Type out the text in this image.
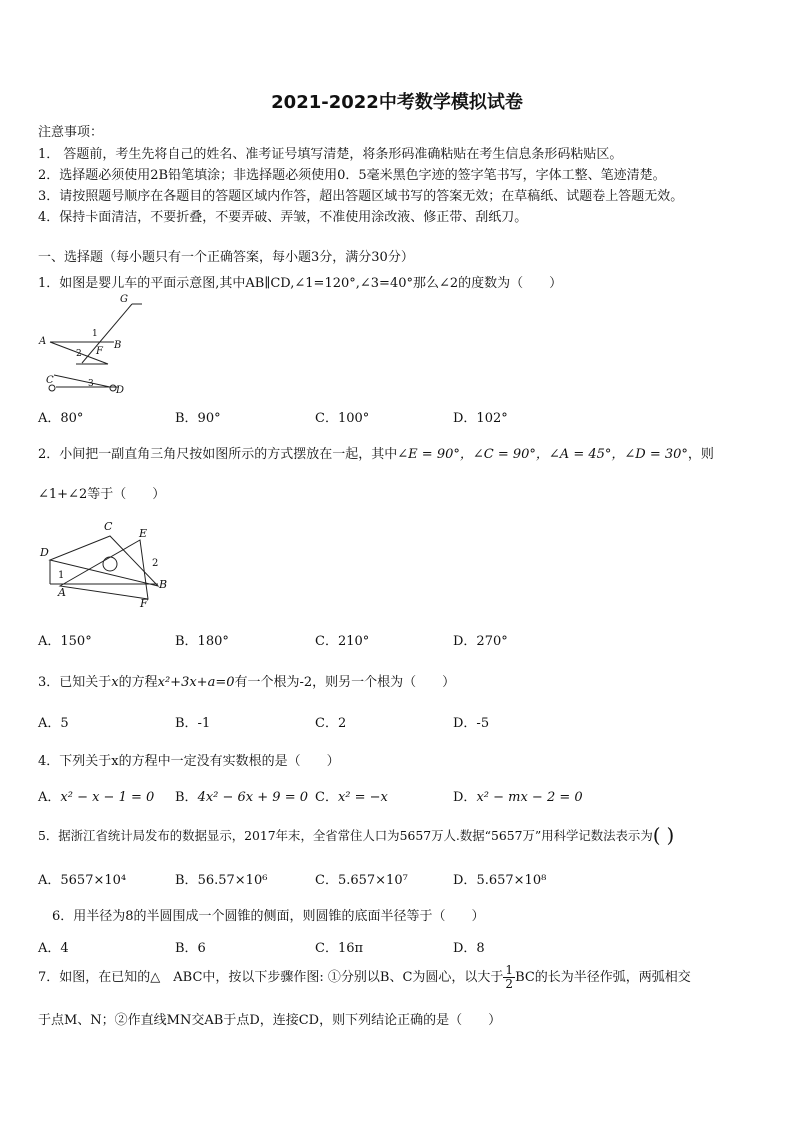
2021-2022中考数学模拟试卷
注意事项：
1． 答题前，考生先将自己的姓名、准考证号填写清楚，将条形码准确粘贴在考生信息条形码粘贴区。
2．选择题必须使用2B铅笔填涂；非选择题必须使用0．5毫米黑色字迹的签字笔书写，字体工整、笔迹清楚。
3．请按照题号顺序在各题目的答题区域内作答，超出答题区域书写的答案无效；在草稿纸、试题卷上答题无效。
4．保持卡面清洁，不要折叠，不要弄破、弄皱，不准使用涂改液、修正带、刮纸刀。
一、选择题（每小题只有一个正确答案，每小题3分，满分30分）
1．如图是婴儿车的平面示意图,其中AB∥CD,∠1=120°,∠3=40°那么∠2的度数为（　　）
G
A	B
C
D
F
1
2
3
A．80°	B．90°	C．100°	D．102°
2．小间把一副直角三角尺按如图所示的方式摆放在一起，其中∠E = 90°，∠C = 90°，∠A = 45°，∠D = 30°，则
∠1+∠2等于（　　）
C
E
D
A
B
F
1
2
A．150°	B．180°	C．210°	D．270°
3．已知关于x的方程x²+3x+a=0有一个根为-2，则另一个根为（　　）
A．5	B．-1	C．2	D．-5
4．下列关于x的方程中一定没有实数根的是（　　）
A．x² − x − 1 = 0 B．4x² − 6x + 9 = 0 C．x² = −x	D．x² − mx − 2 = 0
5．据浙江省统计局发布的数据显示，2017年末，全省常住人口为5657万人.数据“5657万”用科学记数法表示为( )
A．5657×10⁴	B．56.57×10⁶	C．5.657×10⁷	D．5.657×10⁸
6．用半径为8的半圆围成一个圆锥的侧面，则圆锥的底面半径等于（　　）
A．4	B．6	C．16π	D．8
7．如图，在已知的△　ABC中，按以下步骤作图: ①分别以B、C为圆心，以大于 $\frac{1}{2}$ BC的长为半径作弧，两弧相交
于点M、N；②作直线MN交AB于点D，连接CD，则下列结论正确的是（　　）
